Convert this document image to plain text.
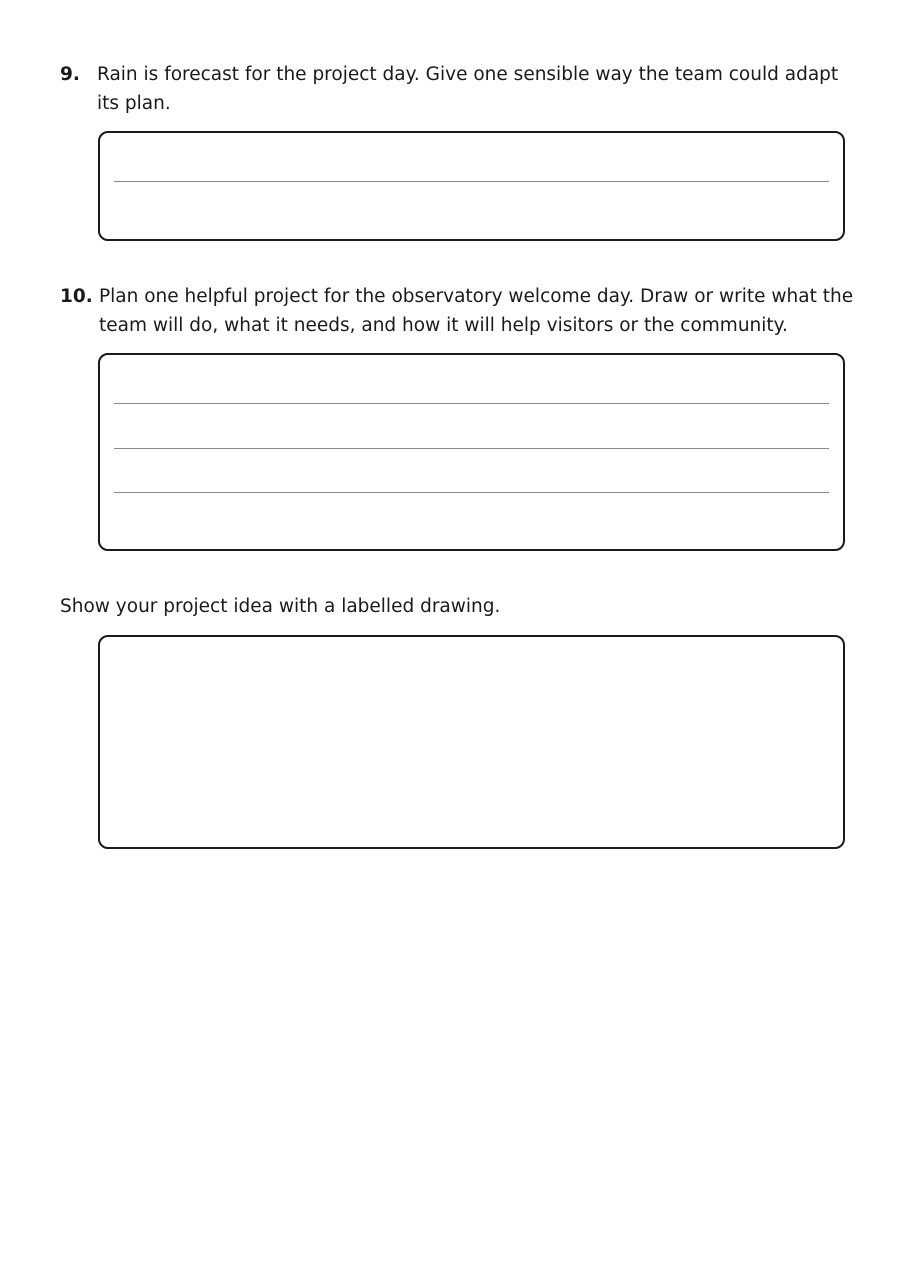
9. Rain is forecast for the project day. Give one sensible way the team could adapt its plan.
10. Plan one helpful project for the observatory welcome day. Draw or write what the team will do, what it needs, and how it will help visitors or the community.
Show your project idea with a labelled drawing.
